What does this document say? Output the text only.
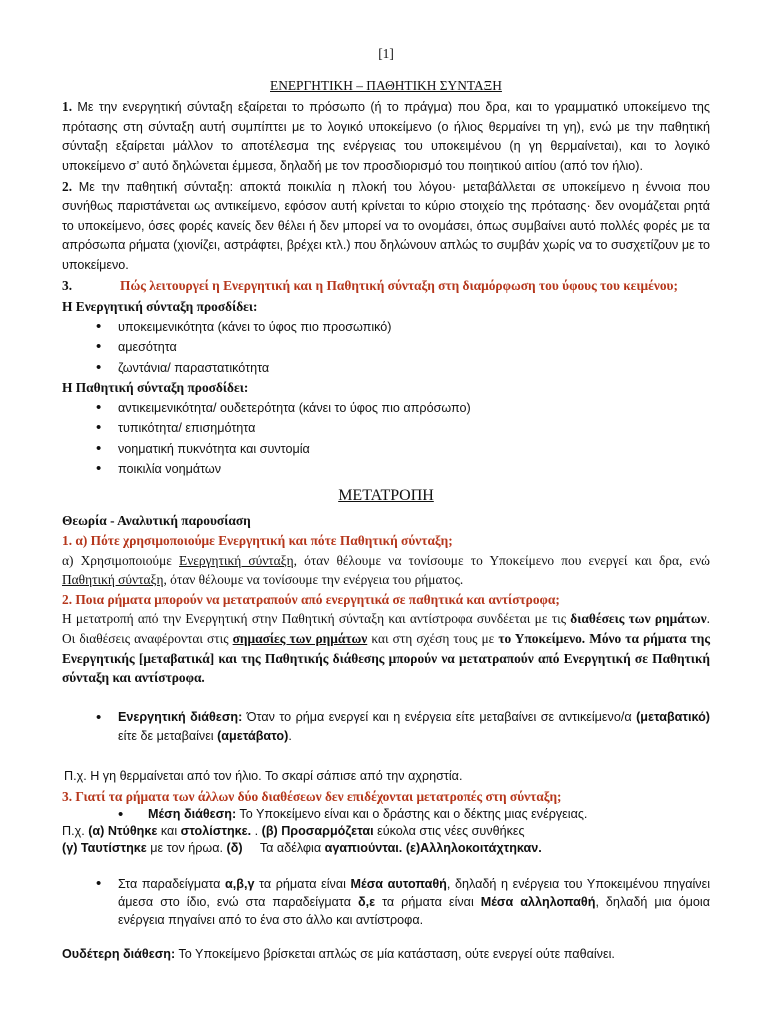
[1]
ΕΝΕΡΓΗΤΙΚΗ – ΠΑΘΗΤΙΚΗ ΣΥΝΤΑΞΗ

1. Με την ενεργητική σύνταξη εξαίρεται το πρόσωπο (ή το πράγμα) που δρα, και το γραμματικό υποκείμενο της πρότασης στη σύνταξη αυτή συμπίπτει με το λογικό υποκείμενο (ο ήλιος θερμαίνει τη γη), ενώ με την παθητική σύνταξη εξαίρεται μάλλον το αποτέλεσμα της ενέργειας του υποκειμένου (η γη θερμαίνεται), και το λογικό υποκείμενο σ’ αυτό δηλώνεται έμμεσα, δηλαδή με τον προσδιορισμό του ποιητικού αιτίου (από τον ήλιο).

2. Με την παθητική σύνταξη: αποκτά ποικιλία η πλοκή του λόγου· μεταβάλλεται σε υποκείμενο η έννοια που συνήθως παριστάνεται ως αντικείμενο, εφόσον αυτή κρίνεται το κύριο στοιχείο της πρότασης· δεν ονομάζεται ρητά το υποκείμενο, όσες φορές κανείς δεν θέλει ή δεν μπορεί να το ονομάσει, όπως συμβαίνει αυτό πολλές φορές με τα απρόσωπα ρήματα (χιονίζει, αστράφτει, βρέχει κτλ.) που δηλώνουν απλώς το συμβάν χωρίς να το συσχετίζουν με το υποκείμενο.

3.	Πώς λειτουργεί η Ενεργητική και η Παθητική σύνταξη στη διαμόρφωση του ύφους του κειμένου;

Η Ενεργητική σύνταξη προσδίδει:

• υποκειμενικότητα (κάνει το ύφος πιο προσωπικό)
• αμεσότητα
• ζωντάνια/ παραστατικότητα

Η Παθητική σύνταξη προσδίδει:

• αντικειμενικότητα/ ουδετερότητα (κάνει το ύφος πιο απρόσωπο)
• τυπικότητα/ επισημότητα
• νοηματική πυκνότητα και συντομία
• ποικιλία νοημάτων
ΜΕΤΑΤΡΟΠΗ

Θεωρία - Αναλυτική παρουσίαση

1. α) Πότε χρησιμοποιούμε Ενεργητική και πότε Παθητική σύνταξη;

α) Χρησιμοποιούμε Ενεργητική σύνταξη, όταν θέλουμε να τονίσουμε το Υποκείμενο που ενεργεί και δρα, ενώ Παθητική σύνταξη, όταν θέλουμε να τονίσουμε την ενέργεια του ρήματος.

2. Ποια ρήματα μπορούν να μετατραπούν από ενεργητικά σε παθητικά και αντίστροφα;

Η μετατροπή από την Ενεργητική στην Παθητική σύνταξη και αντίστροφα συνδέεται με τις διαθέσεις των ρημάτων. Οι διαθέσεις αναφέρονται στις σημασίες των ρημάτων και στη σχέση τους με το Υποκείμενο. Μόνο τα ρήματα της Ενεργητικής [μεταβατικά] και της Παθητικής διάθεσης μπορούν να μετατραπούν από Ενεργητική σε Παθητική σύνταξη και αντίστροφα.

• Ενεργητική διάθεση: Όταν το ρήμα ενεργεί και η ενέργεια είτε μεταβαίνει σε αντικείμενο/α (μεταβατικό) είτε δε μεταβαίνει (αμετάβατο).

Π.χ. Η γη θερμαίνεται από τον ήλιο. Το σκαρί σάπισε από την αχρηστία.

3. Γιατί τα ρήματα των άλλων δύο διαθέσεων δεν επιδέχονται μετατροπές στη σύνταξη;

• Μέση διάθεση: Το Υποκείμενο είναι και ο δράστης και ο δέκτης μιας ενέργειας.

Π.χ. (α) Ντύθηκε και στολίστηκε. . (β) Προσαρμόζεται εύκολα στις νέες συνθήκες

(γ) Ταυτίστηκε με τον ήρωα. (δ)     Τα αδέλφια αγαπιούνται. (ε)Αλληλοκοιτάχτηκαν.

• Στα παραδείγματα α,β,γ τα ρήματα είναι Μέσα αυτοπαθή, δηλαδή η ενέργεια του Υποκειμένου πηγαίνει άμεσα στο ίδιο, ενώ στα παραδείγματα δ,ε τα ρήματα είναι Μέσα αλληλοπαθή, δηλαδή μια όμοια ενέργεια πηγαίνει από το ένα στο άλλο και αντίστροφα.

Ουδέτερη διάθεση: Το Υποκείμενο βρίσκεται απλώς σε μία κατάσταση, ούτε ενεργεί ούτε παθαίνει.
